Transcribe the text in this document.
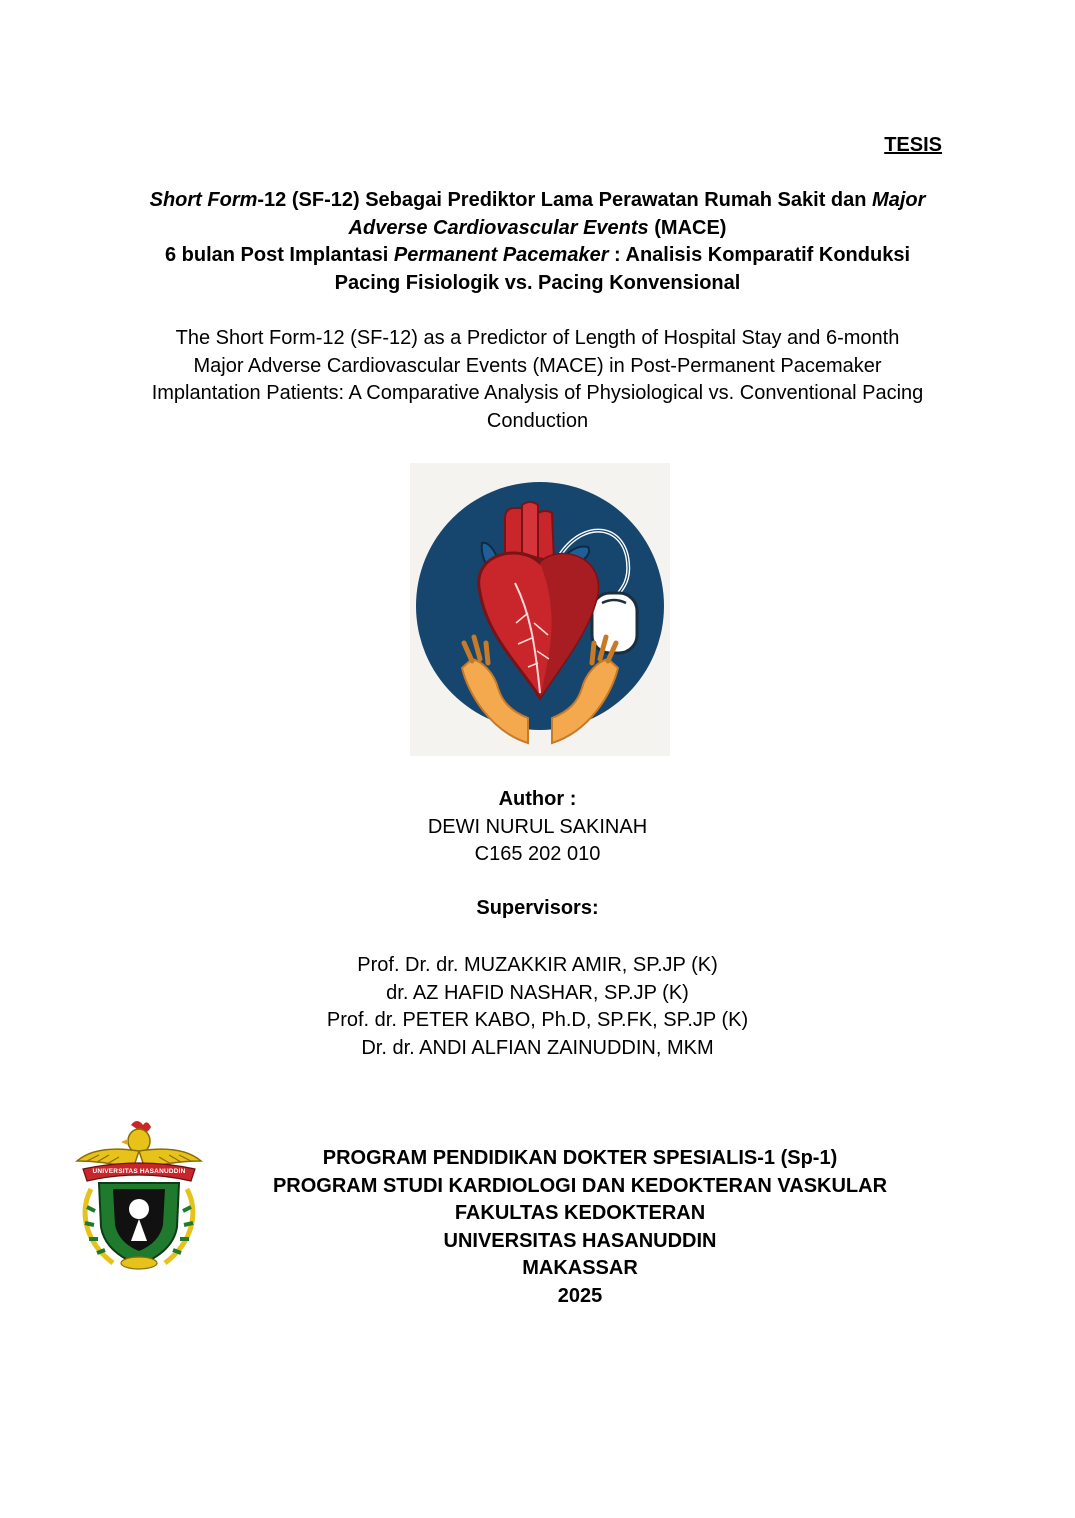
TESIS
Short Form-12 (SF-12) Sebagai Prediktor Lama Perawatan Rumah Sakit dan Major
Adverse Cardiovascular Events (MACE)
6 bulan Post Implantasi Permanent Pacemaker : Analisis Komparatif Konduksi
Pacing Fisiologik vs. Pacing Konvensional
The Short Form-12 (SF-12) as a Predictor of Length of Hospital Stay and 6-month
Major Adverse Cardiovascular Events (MACE) in Post-Permanent Pacemaker
Implantation Patients: A Comparative Analysis of Physiological vs. Conventional Pacing
Conduction
Author :
DEWI NURUL SAKINAH
C165 202 010
Supervisors:
Prof. Dr. dr. MUZAKKIR AMIR, SP.JP (K)
dr. AZ HAFID NASHAR, SP.JP (K)
Prof. dr. PETER KABO, Ph.D, SP.FK, SP.JP (K)
Dr. dr. ANDI ALFIAN ZAINUDDIN, MKM
UNIVERSITAS HASANUDDIN
PROGRAM PENDIDIKAN DOKTER SPESIALIS-1 (Sp-1)
PROGRAM STUDI KARDIOLOGI DAN KEDOKTERAN VASKULAR
FAKULTAS KEDOKTERAN
UNIVERSITAS HASANUDDIN
MAKASSAR
2025
